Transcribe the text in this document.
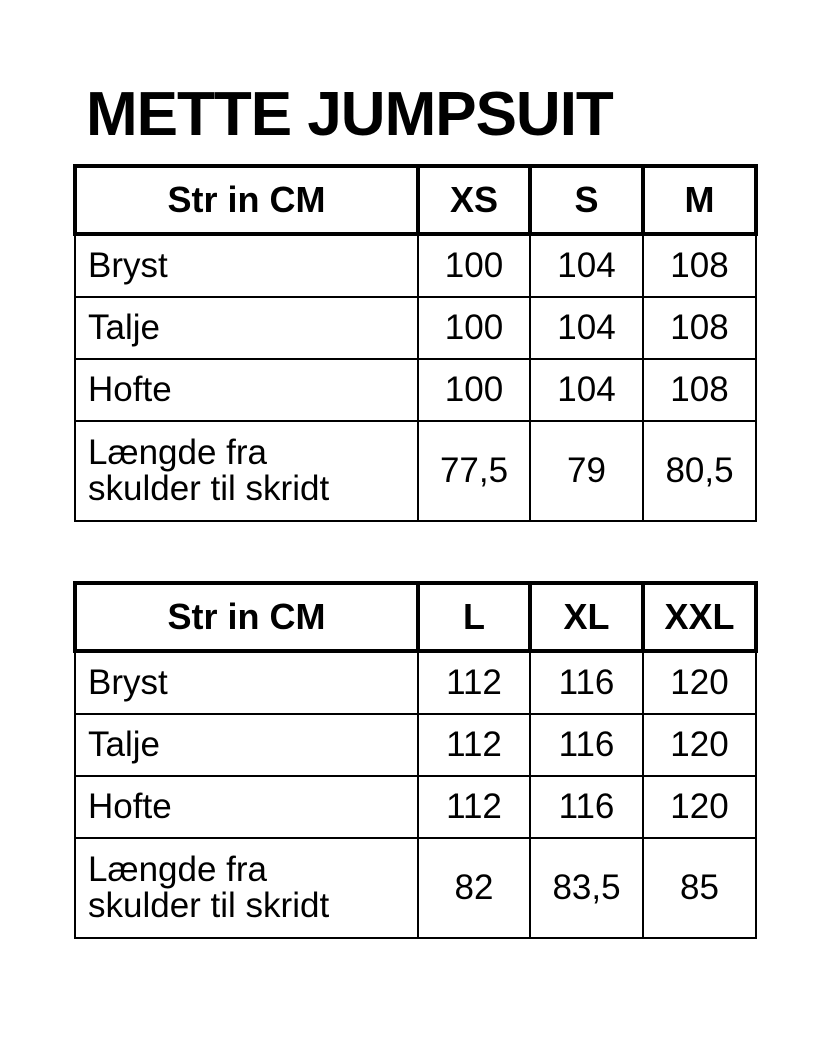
METTE JUMPSUIT
Str in CM	XS	S	M
Bryst	100	104	108
Talje	100	104	108
Hofte	100	104	108

Længde fra
skulder til skridt	77,5	79	80,5
Str in CM	L	XL	XXL
Bryst	112	116	120
Talje	112	116	120
Hofte	112	116	120

Længde fra
skulder til skridt	82	83,5	85
